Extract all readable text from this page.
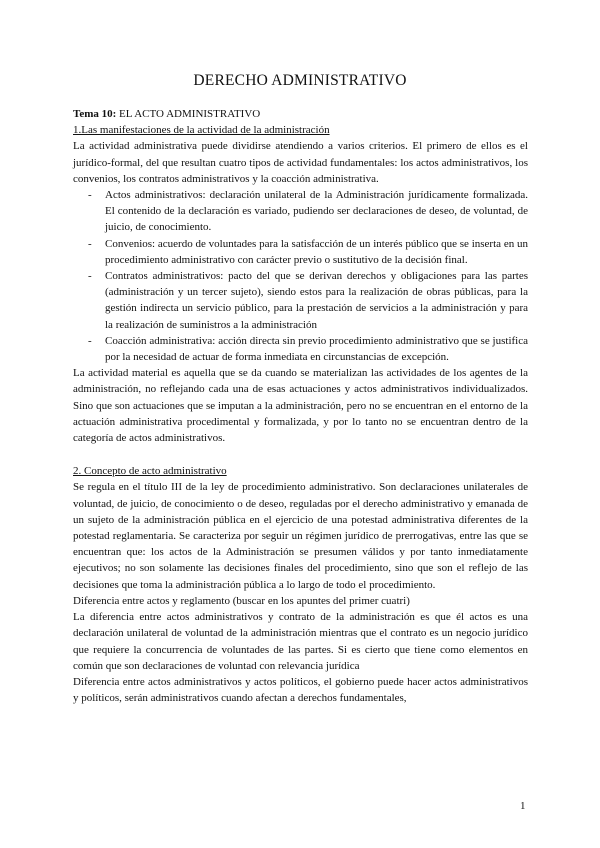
DERECHO ADMINISTRATIVO

Tema 10: EL ACTO ADMINISTRATIVO

1.Las manifestaciones de la actividad de la administración

La actividad administrativa puede dividirse atendiendo a varios criterios. El primero de ellos es el jurídico-formal, del que resultan cuatro tipos de actividad fundamentales: los actos administrativos, los convenios, los contratos administrativos y la coacción administrativa.

- Actos administrativos: declaración unilateral de la Administración jurídicamente formalizada. El contenido de la declaración es variado, pudiendo ser declaraciones de deseo, de voluntad, de juicio, de conocimiento.
- Convenios: acuerdo de voluntades para la satisfacción de un interés público que se inserta en un procedimiento administrativo con carácter previo o sustitutivo de la decisión final.
- Contratos administrativos: pacto del que se derivan derechos y obligaciones para las partes (administración y un tercer sujeto), siendo estos para la realización de obras públicas, para la gestión indirecta un servicio público, para la prestación de servicios a la administración y para la realización de suministros a la administración
- Coacción administrativa: acción directa sin previo procedimiento administrativo que se justifica por la necesidad de actuar de forma inmediata en circunstancias de excepción.

La actividad material es aquella que se da cuando se materializan las actividades de los agentes de la administración, no reflejando cada una de esas actuaciones y actos administrativos individualizados. Sino que son actuaciones que se imputan a la administración, pero no se encuentran en el entorno de la actuación administrativa procedimental y formalizada, y por lo tanto no se encuentran dentro de la categoría de actos administrativos.

2. Concepto de acto administrativo

Se regula en el título III de la ley de procedimiento administrativo. Son declaraciones unilaterales de voluntad, de juicio, de conocimiento o de deseo, reguladas por el derecho administrativo y emanada de un sujeto de la administración pública en el ejercicio de una potestad administrativa diferentes de la potestad reglamentaria. Se caracteriza por seguir un régimen jurídico de prerrogativas, entre las que se encuentran que: los actos de la Administración se presumen válidos y por tanto inmediatamente ejecutivos; no son solamente las decisiones finales del procedimiento, sino que son el reflejo de las decisiones que toma la administración pública a lo largo de todo el procedimiento.

Diferencia entre actos y reglamento (buscar en los apuntes del primer cuatri)

La diferencia entre actos administrativos y contrato de la administración es que él actos es una declaración unilateral de voluntad de la administración mientras que el contrato es un negocio jurídico que requiere la concurrencia de voluntades de las partes. Si es cierto que tiene como elementos en común que son declaraciones de voluntad con relevancia jurídica

Diferencia entre actos administrativos y actos políticos, el gobierno puede hacer actos administrativos y políticos, serán administrativos cuando afectan a derechos fundamentales,

1
